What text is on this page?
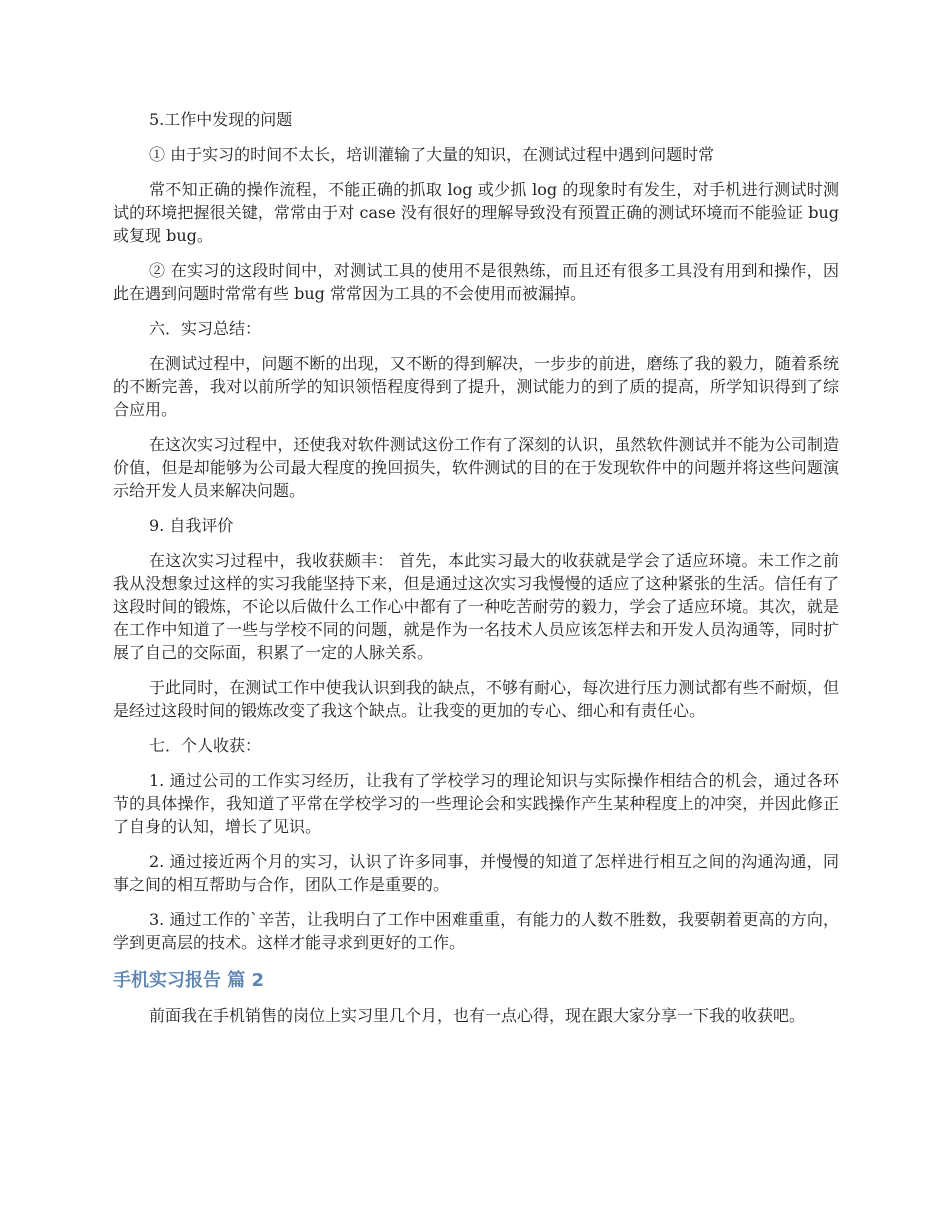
5.工作中发现的问题

① 由于实习的时间不太长，培训灌输了大量的知识，在测试过程中遇到问题时常

常不知正确的操作流程，不能正确的抓取 log 或少抓 log 的现象时有发生，对手机进行测试时测试的环境把握很关键，常常由于对 case 没有很好的理解导致没有预置正确的测试环境而不能验证 bug 或复现 bug。

② 在实习的这段时间中，对测试工具的使用不是很熟练，而且还有很多工具没有用到和操作，因此在遇到问题时常常有些 bug 常常因为工具的不会使用而被漏掉。

六．实习总结：

在测试过程中，问题不断的出现，又不断的得到解决，一步步的前进，磨练了我的毅力，随着系统的不断完善，我对以前所学的知识领悟程度得到了提升，测试能力的到了质的提高，所学知识得到了综合应用。

在这次实习过程中，还使我对软件测试这份工作有了深刻的认识，虽然软件测试并不能为公司制造价值，但是却能够为公司最大程度的挽回损失，软件测试的目的在于发现软件中的问题并将这些问题演示给开发人员来解决问题。

9. 自我评价

在这次实习过程中，我收获颇丰： 首先，本此实习最大的收获就是学会了适应环境。未工作之前我从没想象过这样的实习我能坚持下来，但是通过这次实习我慢慢的适应了这种紧张的生活。信任有了这段时间的锻炼，不论以后做什么工作心中都有了一种吃苦耐劳的毅力，学会了适应环境。其次，就是在工作中知道了一些与学校不同的问题，就是作为一名技术人员应该怎样去和开发人员沟通等，同时扩展了自己的交际面，积累了一定的人脉关系。

于此同时，在测试工作中使我认识到我的缺点，不够有耐心，每次进行压力测试都有些不耐烦，但是经过这段时间的锻炼改变了我这个缺点。让我变的更加的专心、细心和有责任心。

七．个人收获：

1. 通过公司的工作实习经历，让我有了学校学习的理论知识与实际操作相结合的机会，通过各环节的具体操作，我知道了平常在学校学习的一些理论会和实践操作产生某种程度上的冲突，并因此修正了自身的认知，增长了见识。

2. 通过接近两个月的实习，认识了许多同事，并慢慢的知道了怎样进行相互之间的沟通沟通，同事之间的相互帮助与合作，团队工作是重要的。

3. 通过工作的`辛苦，让我明白了工作中困难重重，有能力的人数不胜数，我要朝着更高的方向，学到更高层的技术。这样才能寻求到更好的工作。

手机实习报告 篇 2

前面我在手机销售的岗位上实习里几个月，也有一点心得，现在跟大家分享一下我的收获吧。
